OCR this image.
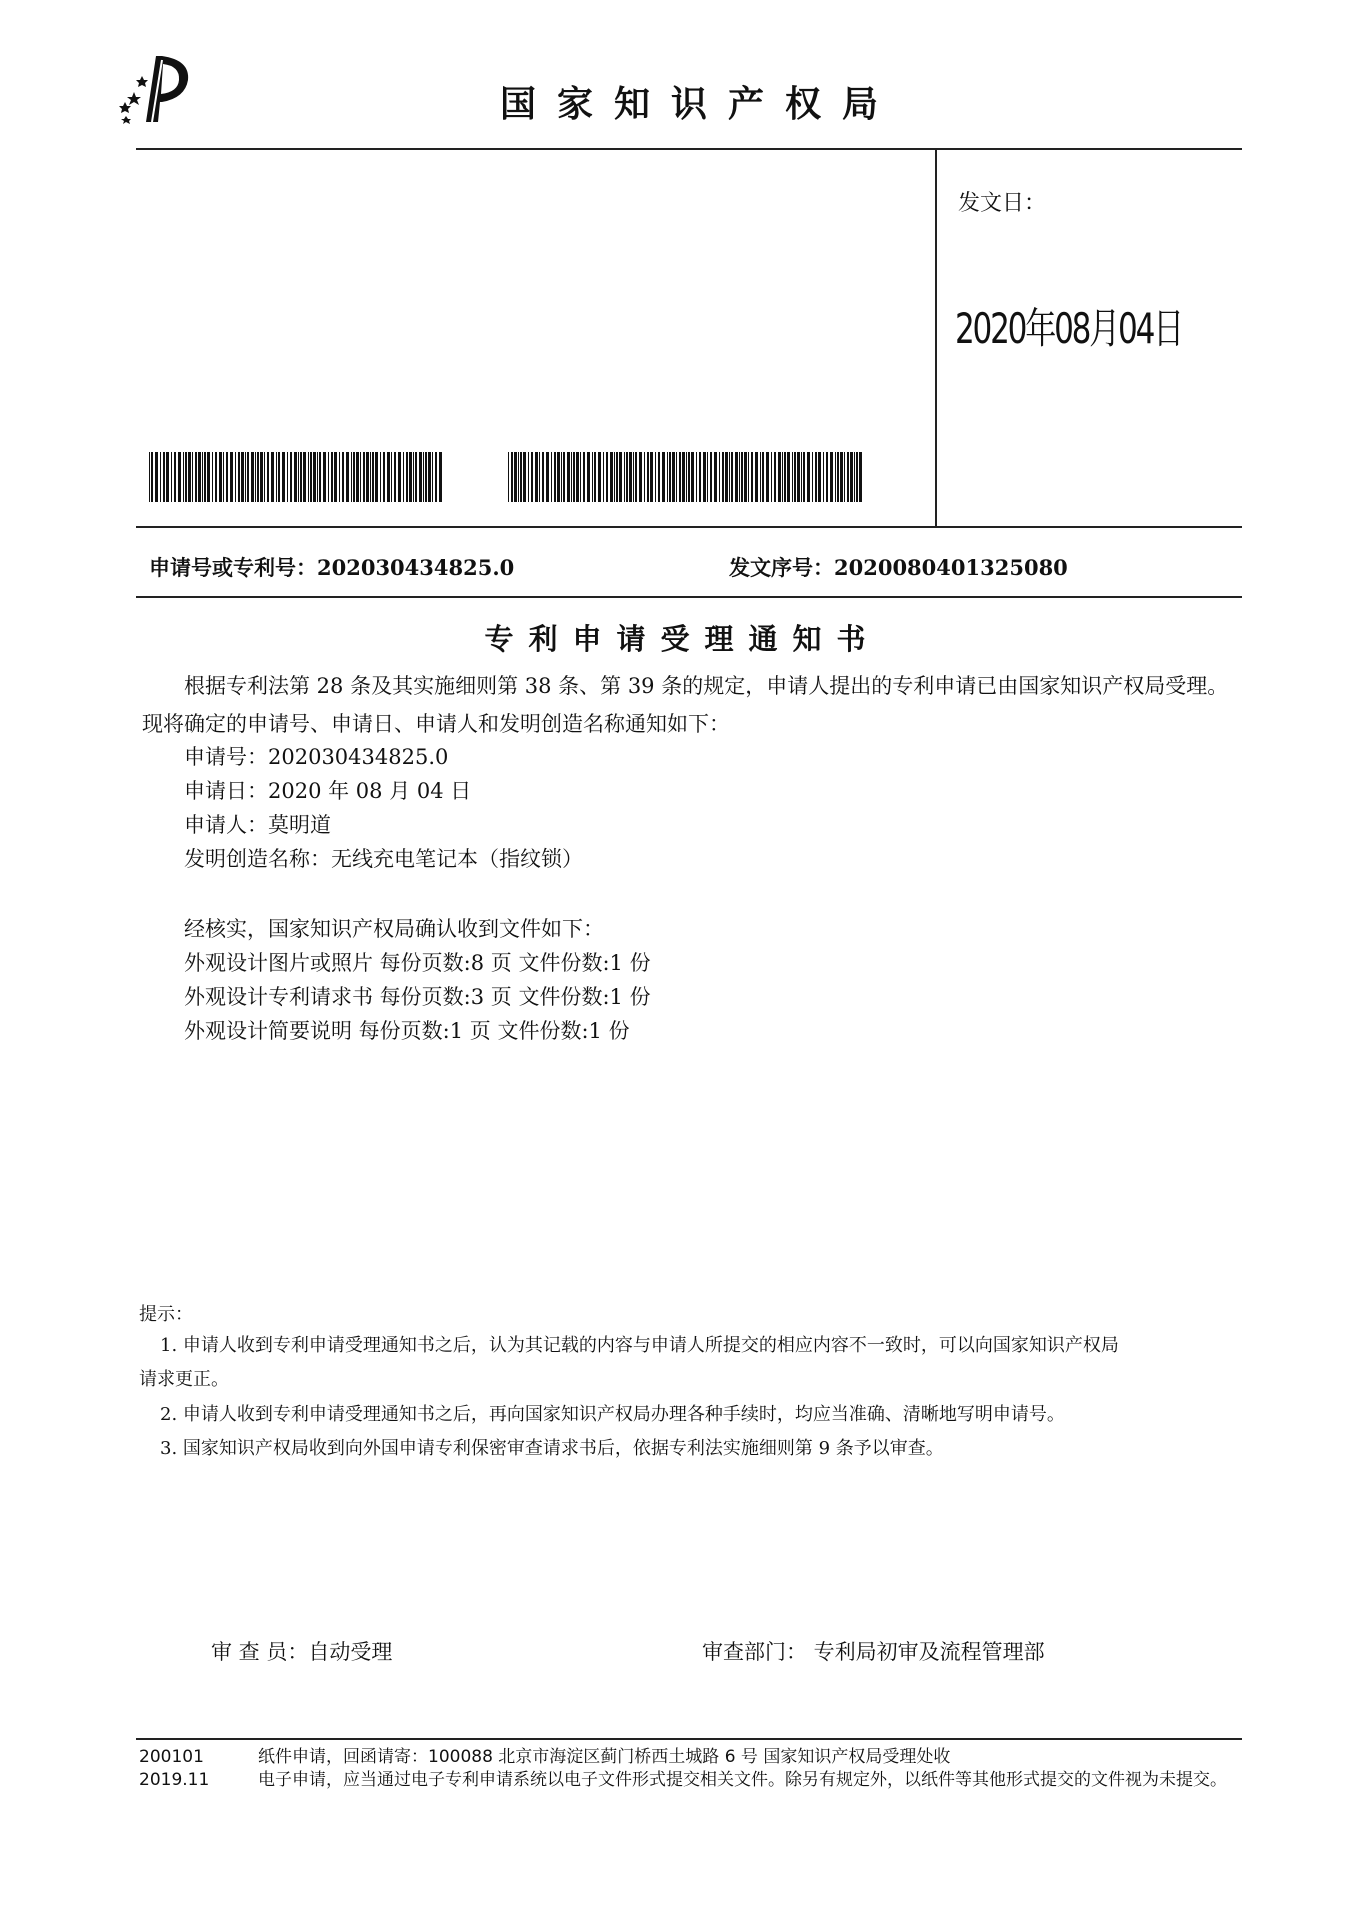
国家知识产权局
发文日：
2020年08月04日
申请号或专利号：202030434825.0	发文序号：2020080401325080
专利申请受理通知书
根据专利法第 28 条及其实施细则第 38 条、第 39 条的规定，申请人提出的专利申请已由国家知识产权局受理。现将确定的申请号、申请日、申请人和发明创造名称通知如下：
申请号：202030434825.0
申请日：2020 年 08 月 04 日
申请人：莫明道
发明创造名称：无线充电笔记本（指纹锁）
经核实，国家知识产权局确认收到文件如下：
外观设计图片或照片 每份页数:8 页 文件份数:1 份
外观设计专利请求书 每份页数:3 页 文件份数:1 份
外观设计简要说明 每份页数:1 页 文件份数:1 份
提示：
1. 申请人收到专利申请受理通知书之后，认为其记载的内容与申请人所提交的相应内容不一致时，可以向国家知识产权局
请求更正。
2. 申请人收到专利申请受理通知书之后，再向国家知识产权局办理各种手续时，均应当准确、清晰地写明申请号。
3. 国家知识产权局收到向外国申请专利保密审查请求书后，依据专利法实施细则第 9 条予以审查。
审 查 员：自动受理	审查部门： 专利局初审及流程管理部
200101
2019.11
纸件申请，回函请寄：100088 北京市海淀区蓟门桥西土城路 6 号 国家知识产权局受理处收
电子申请，应当通过电子专利申请系统以电子文件形式提交相关文件。除另有规定外，以纸件等其他形式提交的文件视为未提交。
